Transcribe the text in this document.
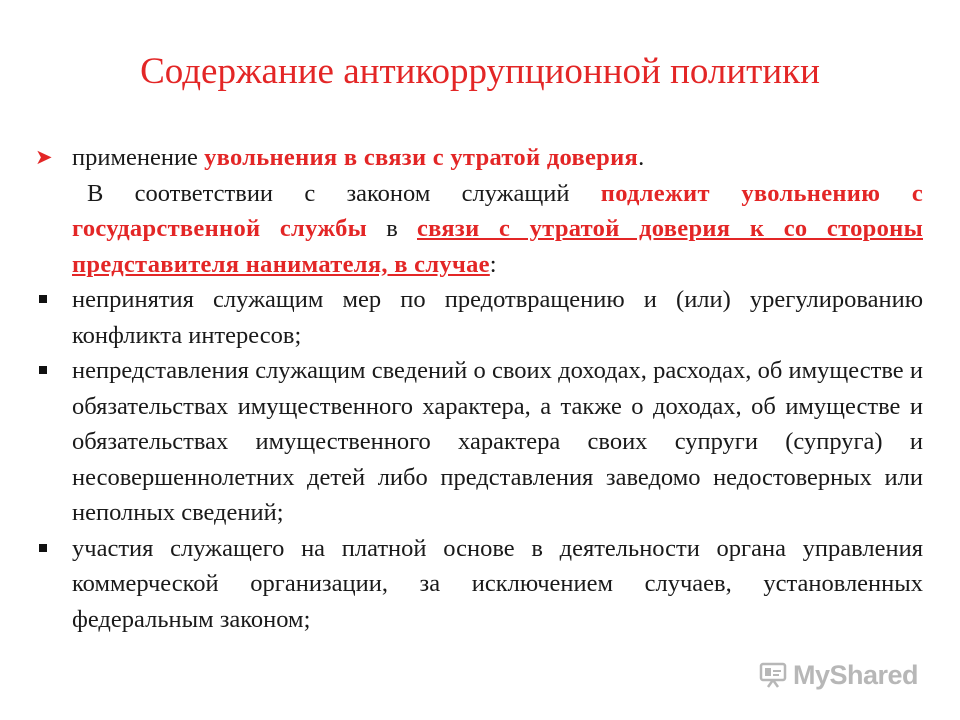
Содержание антикоррупционной политики
➤ применение увольнения в связи с утратой доверия.
В соответствии с законом служащий подлежит увольнению с государственной службы в связи с утратой доверия к со стороны представителя нанимателя, в случае:
непринятия служащим мер по предотвращению и (или) урегулированию конфликта интересов;
непредставления служащим сведений о своих доходах, расходах, об имуществе и обязательствах имущественного характера, а также о доходах, об имуществе и обязательствах имущественного характера своих супруги (супруга) и несовершеннолетних детей либо представления заведомо недостоверных или неполных сведений;
участия служащего на платной основе в деятельности органа управления коммерческой организации, за исключением случаев, установленных федеральным законом;
MyShared
